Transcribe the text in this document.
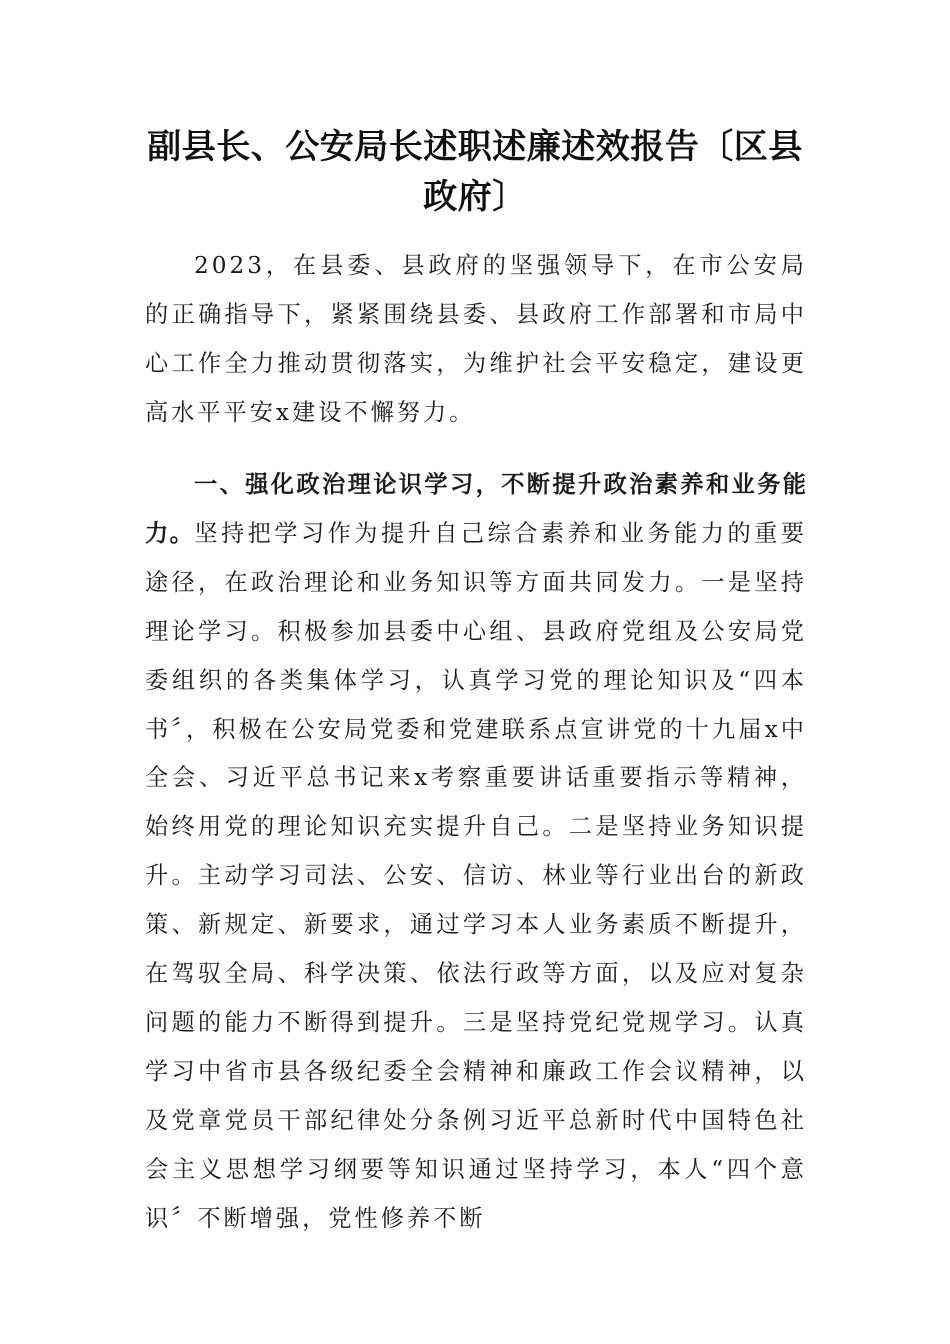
副县长、公安局长述职述廉述效报告〔区县政府〕

2023，在县委、县政府的坚强领导下，在市公安局的正确指导下，紧紧围绕县委、县政府工作部署和市局中心工作全力推动贯彻落实，为维护社会平安稳定，建设更高水平平安x建设不懈努力。

一、强化政治理论识学习，不断提升政治素养和业务能力。坚持把学习作为提升自己综合素养和业务能力的重要途径，在政治理论和业务知识等方面共同发力。一是坚持理论学习。积极参加县委中心组、县政府党组及公安局党委组织的各类集体学习，认真学习党的理论知识及“四本书〞，积极在公安局党委和党建联系点宣讲党的十九届x中全会、习近平总书记来x考察重要讲话重要指示等精神，始终用党的理论知识充实提升自己。二是坚持业务知识提升。主动学习司法、公安、信访、林业等行业出台的新政策、新规定、新要求，通过学习本人业务素质不断提升，在驾驭全局、科学决策、依法行政等方面，以及应对复杂问题的能力不断得到提升。三是坚持党纪党规学习。认真学习中省市县各级纪委全会精神和廉政工作会议精神，以及党章党员干部纪律处分条例习近平总新时代中国特色社会主义思想学习纲要等知识通过坚持学习，本人“四个意识〞不断增强，党性修养不断
